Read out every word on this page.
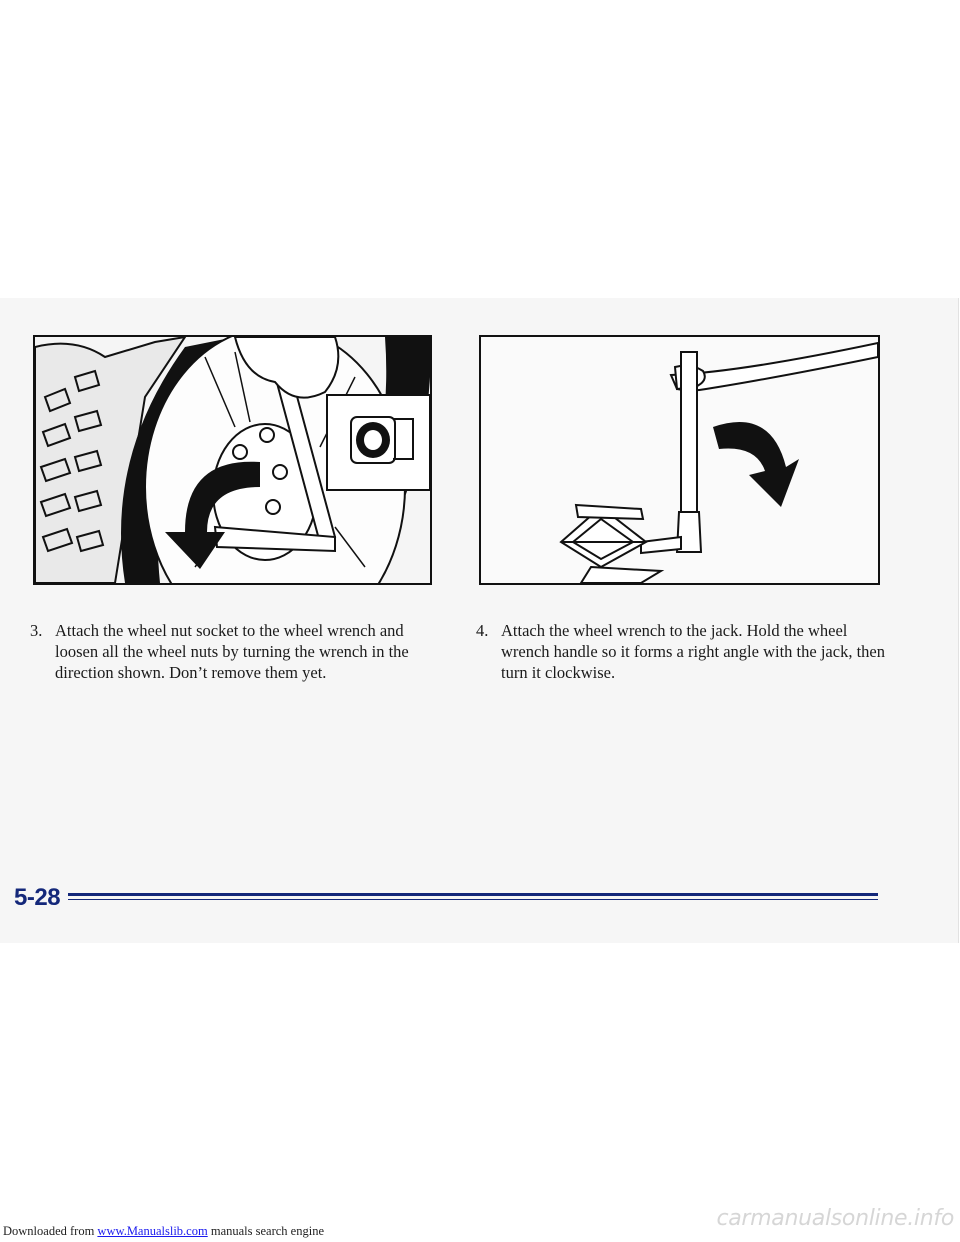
3. Attach the wheel nut socket to the wheel wrench and loosen all the wheel nuts by turning the wrench in the direction shown. Don’t remove them yet.
4. Attach the wheel wrench to the jack. Hold the wheel wrench handle so it forms a right angle with the jack, then turn it clockwise.
5-28
Downloaded from www.Manualslib.com manuals search engine	carmanualsonline.info
